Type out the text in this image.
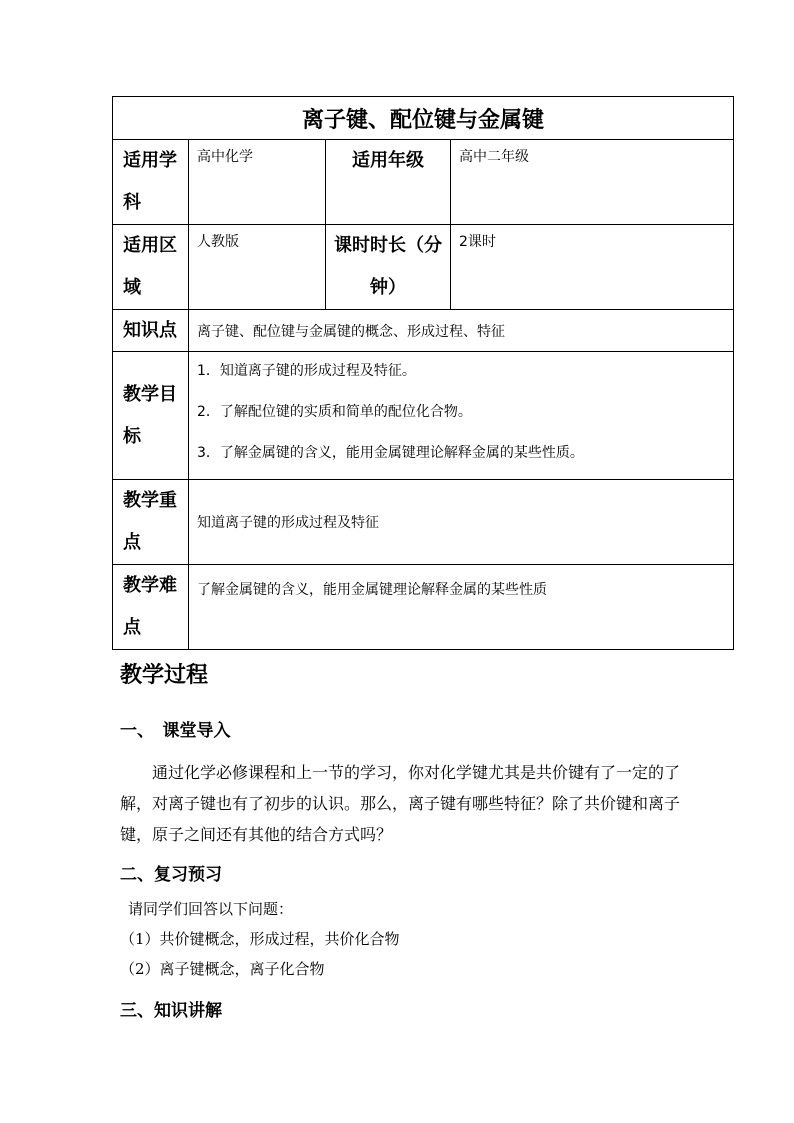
离子键、配位键与金属键			
适用学科	高中化学	适用年级	高中二年级
适用区域	人教版	课时时长（分钟）	2课时
知识点	离子键、配位键与金属键的概念、形成过程、特征		
教学目标	1．知道离子键的形成过程及特征。
2．了解配位键的实质和简单的配位化合物。
3．了解金属键的含义，能用金属键理论解释金属的某些性质。		

教学重点	知道离子键的形成过程及特征		
教学难点	了解金属键的含义，能用金属键理论解释金属的某些性质		
教学过程
一、　课堂导入
　　通过化学必修课程和上一节的学习，你对化学键尤其是共价键有了一定的了解，对离子键也有了初步的认识。那么，离子键有哪些特征？除了共价键和离子键，原子之间还有其他的结合方式吗？
二、复习预习
请同学们回答以下问题：
（1）共价键概念，形成过程，共价化合物
（2）离子键概念，离子化合物
三、知识讲解
